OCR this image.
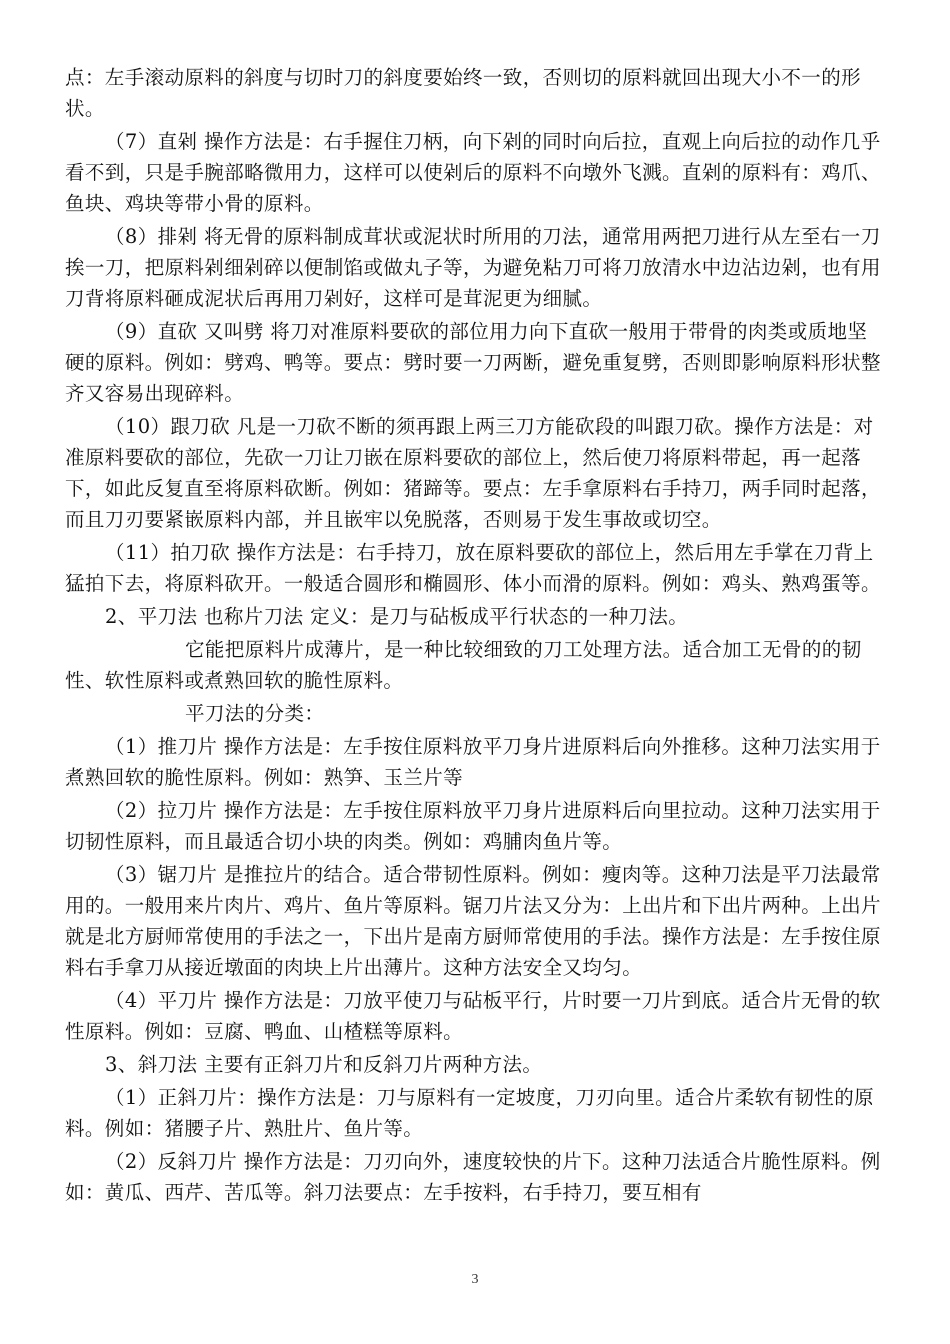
点：左手滚动原料的斜度与切时刀的斜度要始终一致，否则切的原料就回出现大小不一的形状。

（7）直剁 操作方法是：右手握住刀柄，向下剁的同时向后拉，直观上向后拉的动作几乎看不到，只是手腕部略微用力，这样可以使剁后的原料不向墩外飞溅。直剁的原料有：鸡爪、鱼块、鸡块等带小骨的原料。

（8）排剁 将无骨的原料制成茸状或泥状时所用的刀法，通常用两把刀进行从左至右一刀挨一刀，把原料剁细剁碎以便制馅或做丸子等，为避免粘刀可将刀放清水中边沾边剁，也有用刀背将原料砸成泥状后再用刀剁好，这样可是茸泥更为细腻。

（9）直砍 又叫劈 将刀对准原料要砍的部位用力向下直砍一般用于带骨的肉类或质地坚硬的原料。例如：劈鸡、鸭等。要点：劈时要一刀两断，避免重复劈，否则即影响原料形状整齐又容易出现碎料。

（10）跟刀砍 凡是一刀砍不断的须再跟上两三刀方能砍段的叫跟刀砍。操作方法是：对准原料要砍的部位，先砍一刀让刀嵌在原料要砍的部位上，然后使刀将原料带起，再一起落下，如此反复直至将原料砍断。例如：猪蹄等。要点：左手拿原料右手持刀，两手同时起落，而且刀刃要紧嵌原料内部，并且嵌牢以免脱落，否则易于发生事故或切空。

（11）拍刀砍 操作方法是：右手持刀，放在原料要砍的部位上，然后用左手掌在刀背上猛拍下去，将原料砍开。一般适合圆形和椭圆形、体小而滑的原料。例如：鸡头、熟鸡蛋等。

2、平刀法 也称片刀法 定义：是刀与砧板成平行状态的一种刀法。

它能把原料片成薄片，是一种比较细致的刀工处理方法。适合加工无骨的的韧性、软性原料或煮熟回软的脆性原料。

平刀法的分类：

（1）推刀片 操作方法是：左手按住原料放平刀身片进原料后向外推移。这种刀法实用于煮熟回软的脆性原料。例如：熟笋、玉兰片等

（2）拉刀片 操作方法是：左手按住原料放平刀身片进原料后向里拉动。这种刀法实用于切韧性原料，而且最适合切小块的肉类。例如：鸡脯肉鱼片等。

（3）锯刀片 是推拉片的结合。适合带韧性原料。例如：瘦肉等。这种刀法是平刀法最常用的。一般用来片肉片、鸡片、鱼片等原料。锯刀片法又分为：上出片和下出片两种。上出片就是北方厨师常使用的手法之一，下出片是南方厨师常使用的手法。操作方法是：左手按住原料右手拿刀从接近墩面的肉块上片出薄片。这种方法安全又均匀。

（4）平刀片 操作方法是：刀放平使刀与砧板平行，片时要一刀片到底。适合片无骨的软性原料。例如：豆腐、鸭血、山楂糕等原料。

3、斜刀法 主要有正斜刀片和反斜刀片两种方法。

（1）正斜刀片：操作方法是：刀与原料有一定坡度，刀刃向里。适合片柔软有韧性的原料。例如：猪腰子片、熟肚片、鱼片等。

（2）反斜刀片 操作方法是：刀刃向外，速度较快的片下。这种刀法适合片脆性原料。例如：黄瓜、西芹、苦瓜等。斜刀法要点：左手按料，右手持刀，要互相有

3
